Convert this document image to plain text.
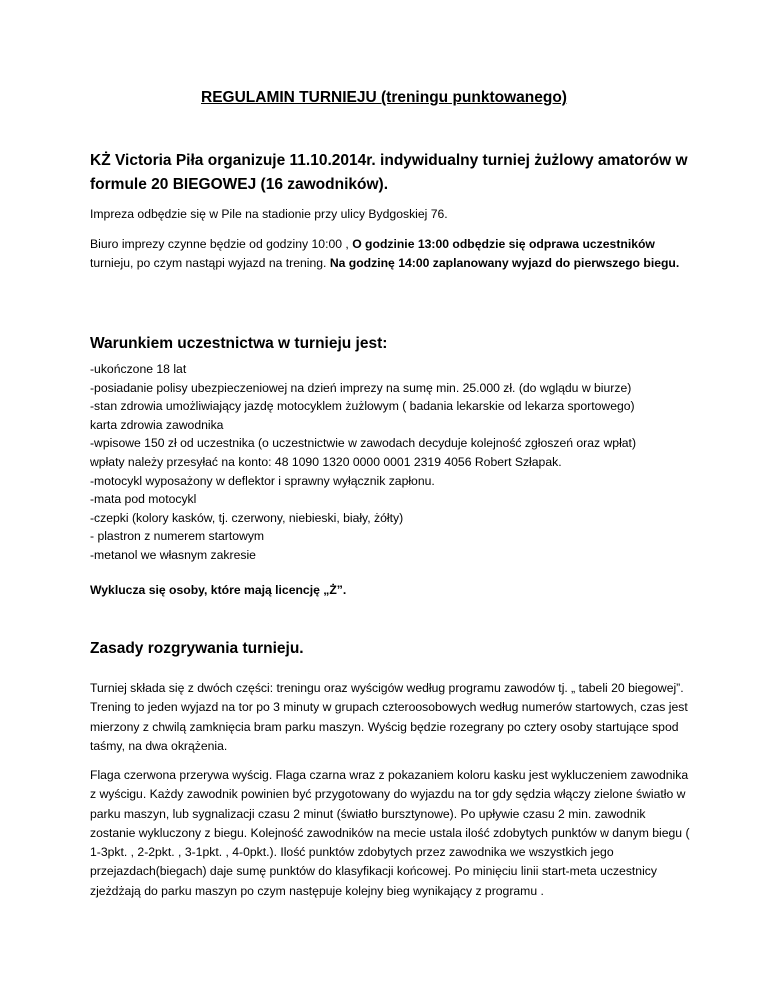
REGULAMIN TURNIEJU (treningu punktowanego)
KŻ Victoria Piła organizuje 11.10.2014r. indywidualny turniej żużlowy amatorów w formule 20 BIEGOWEJ (16 zawodników).
Impreza odbędzie się w Pile na stadionie przy ulicy Bydgoskiej 76.
Biuro imprezy czynne będzie od godziny 10:00 , O godzinie 13:00 odbędzie się odprawa uczestników turnieju, po czym nastąpi wyjazd na trening. Na godzinę 14:00 zaplanowany wyjazd do pierwszego biegu.
Warunkiem uczestnictwa w turnieju jest:
-ukończone 18 lat
-posiadanie polisy ubezpieczeniowej na dzień imprezy na sumę min. 25.000 zł. (do wglądu w biurze)
-stan zdrowia umożliwiający jazdę motocyklem żużlowym ( badania lekarskie od lekarza sportowego)
karta zdrowia zawodnika
-wpisowe 150 zł od uczestnika (o uczestnictwie w zawodach decyduje kolejność zgłoszeń oraz wpłat)
wpłaty należy przesyłać na konto: 48 1090 1320 0000 0001 2319 4056 Robert Szłapak.
-motocykl wyposażony w deflektor i sprawny wyłącznik zapłonu.
-mata pod motocykl
-czepki (kolory kasków, tj. czerwony, niebieski, biały, żółty)
- plastron z numerem startowym
-metanol we własnym zakresie
Wyklucza się osoby, które mają licencję „Ż”.
Zasady rozgrywania turnieju.
Turniej składa się z dwóch części: treningu oraz wyścigów według programu zawodów tj. „ tabeli 20 biegowej”. Trening to jeden wyjazd na tor po 3 minuty w grupach czteroosobowych według numerów startowych, czas jest mierzony z chwilą zamknięcia bram parku maszyn. Wyścig będzie rozegrany po cztery osoby startujące spod taśmy, na dwa okrążenia.
Flaga czerwona przerywa wyścig. Flaga czarna wraz z pokazaniem koloru kasku jest wykluczeniem zawodnika z wyścigu. Każdy zawodnik powinien być przygotowany do wyjazdu na tor gdy sędzia włączy zielone światło w parku maszyn, lub sygnalizacji czasu 2 minut (światło bursztynowe). Po upływie czasu 2 min. zawodnik zostanie wykluczony z biegu. Kolejność zawodników na mecie ustala ilość zdobytych punktów w danym biegu ( 1-3pkt. , 2-2pkt. , 3-1pkt. , 4-0pkt.). Ilość punktów zdobytych przez zawodnika we wszystkich jego przejazdach(biegach) daje sumę punktów do klasyfikacji końcowej. Po minięciu linii start-meta uczestnicy zjeżdżają do parku maszyn po czym następuje kolejny bieg wynikający z programu .
